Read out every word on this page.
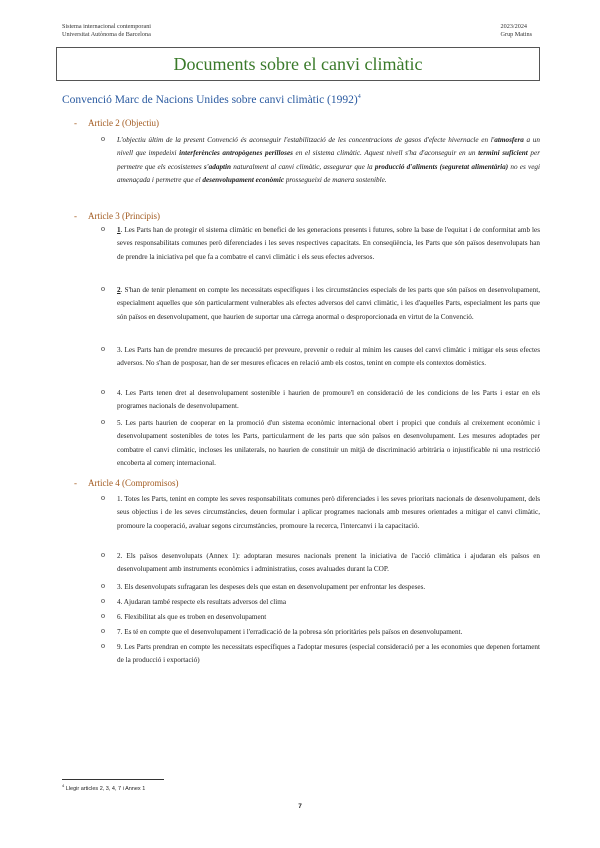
Sistema internacional contemporani
Universitat Autònoma de Barcelona
2023/2024
Grup Matins
Documents sobre el canvi climàtic
Convenció Marc de Nacions Unides sobre canvi climàtic $(1992)^4$
-	Article 2 (Objectiu)
o	L'objectiu últim de la present Convenció és aconseguir l'estabilització de les concentracions de gasos d'efecte hivernacle en l'atmosfera a un nivell que impedeixi interferències antropògenes perilloses en el sistema climàtic. Aquest nivell s'ha d'aconseguir en un termini suficient per permetre que els ecosistemes s'adaptin naturalment al canvi climàtic, assegurar que la producció d'aliments (seguretat alimentària) no es vegi amenaçada i permetre que el desenvolupament econòmic prossegueixi de manera sostenible.
-	Article 3 (Principis)
o	1. Les Parts han de protegir el sistema climàtic en benefici de les generacions presents i futures, sobre la base de l'equitat i de conformitat amb les seves responsabilitats comunes però diferenciades i les seves respectives capacitats. En conseqüència, les Parts que són països desenvolupats han de prendre la iniciativa pel que fa a combatre el canvi climàtic i els seus efectes adversos.
o	2. S'han de tenir plenament en compte les necessitats específiques i les circumstàncies especials de les parts que són països en desenvolupament, especialment aquelles que són particularment vulnerables als efectes adversos del canvi climàtic, i les d'aquelles Parts, especialment les parts que són països en desenvolupament, que haurien de suportar una càrrega anormal o desproporcionada en virtut de la Convenció.
o	3. Les Parts han de prendre mesures de precaució per preveure, prevenir o reduir al mínim les causes del canvi climàtic i mitigar els seus efectes adversos. No s'han de posposar, han de ser mesures eficaces en relació amb els costos, tenint en compte els contextos domèstics.
o	4. Les Parts tenen dret al desenvolupament sostenible i haurien de promoure'l en consideració de les condicions de les Parts i estar en els programes nacionals de desenvolupament.
o	5. Les parts haurien de cooperar en la promoció d'un sistema econòmic internacional obert i propici que conduís al creixement econòmic i desenvolupament sostenibles de totes les Parts, particularment de les parts que són països en desenvolupament. Les mesures adoptades per combatre el canvi climàtic, incloses les unilaterals, no haurien de constituir un mitjà de discriminació arbitrària o injustificable ni una restricció encoberta al comerç internacional.
-	Article 4 (Compromisos)
o	1. Totes les Parts, tenint en compte les seves responsabilitats comunes però diferenciades i les seves prioritats nacionals de desenvolupament, dels seus objectius i de les seves circumstàncies, deuen formular i aplicar programes nacionals amb mesures orientades a mitigar el canvi climàtic, promoure la cooperació, avaluar segons circumstàncies, promoure la recerca, l'intercanvi i la capacitació.
o	2. Els països desenvolupats (Annex 1): adoptaran mesures nacionals prenent la iniciativa de l'acció climàtica i ajudaran els països en desenvolupament amb instruments econòmics i administratius, coses avaluades durant la COP.
o	3. Els desenvolupats sufragaran les despeses dels que estan en desenvolupament per enfrontar les despeses.
o	4. Ajudaran també respecte els resultats adversos del clima
o	6. Flexibilitat als que es troben en desenvolupament
o	7. Es té en compte que el desenvolupament i l'erradicació de la pobresa són prioritàries pels països en desenvolupament.
o	9. Les Parts prendran en compte les necessitats específiques a l'adoptar mesures (especial consideració per a les economies que depenen fortament de la producció i exportació)
$^4$ Llegir articles 2, 3, 4, 7 i Annex 1
7
